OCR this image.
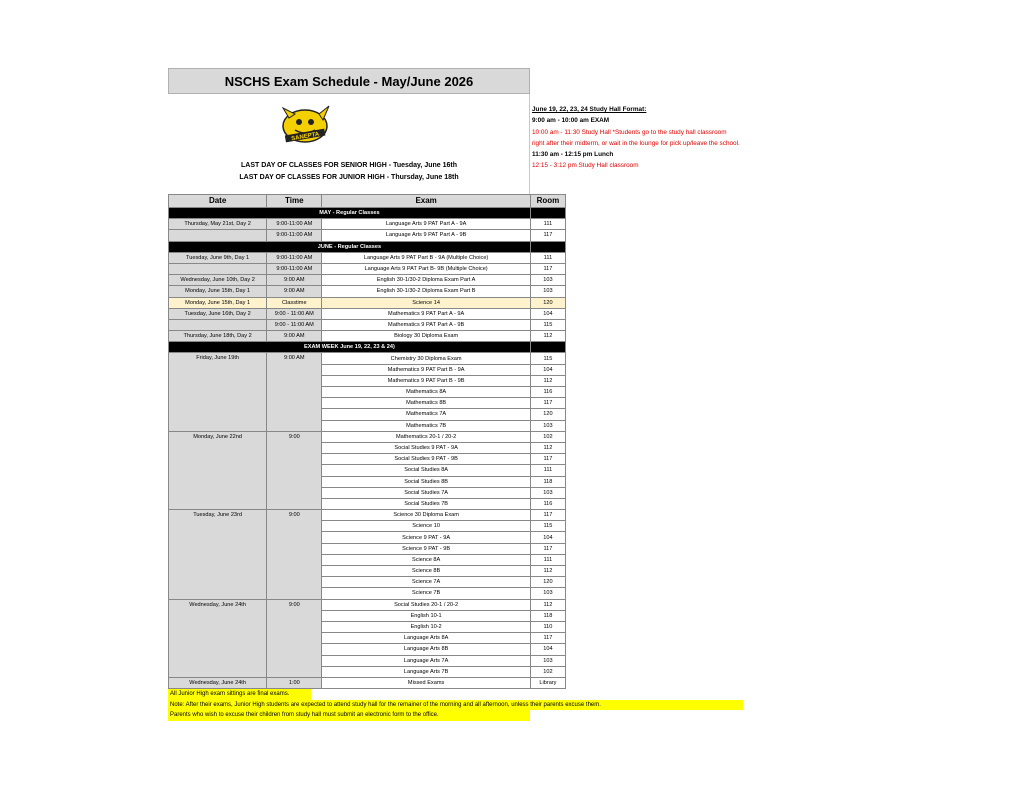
NSCHS Exam Schedule - May/June 2026
SANEPTA
LAST DAY OF CLASSES FOR SENIOR HIGH - Tuesday, June 16th
LAST DAY OF CLASSES FOR JUNIOR HIGH - Thursday, June 18th
Date	Time	Exam	Room
MAY - Regular Classes			
Thursday, May 21st, Day 2	9:00-11:00 AM	Language Arts 9 PAT Part A - 9A	111
	9:00-11:00 AM	Language Arts 9 PAT Part A - 9B	117
JUNE - Regular Classes			
Tuesday, June 9th, Day 1	9:00-11:00 AM	Language Arts 9 PAT Part B - 9A (Multiple Choice)	111
	9:00-11:00 AM	Language Arts 9 PAT Part B- 9B (Multiple Choice)	117
Wednesday, June 10th, Day 2	9:00 AM	English 30-1/30-2 Diploma Exam Part A	103
Monday, June 15th, Day 1	9:00 AM	English 30-1/30-2 Diploma Exam Part B	103
Monday, June 15th, Day 1	Classtime	Science 14	120
Tuesday, June 16th, Day 2	9:00 - 11:00 AM	Mathematics 9 PAT Part A - 9A	104
	9:00 - 11:00 AM	Mathematics 9 PAT Part A - 9B	115
Thursday, June 18th, Day 2	9:00 AM	Biology 30 Diploma Exam	112
EXAM WEEK June 19, 22, 23 & 24)			
Friday, June 19th	9:00 AM	Chemistry 30 Diploma Exam	115
		Mathematics 9 PAT Part B - 9A	104
		Mathematics 9 PAT Part B - 9B	112
		Mathematics 8A	116
		Mathematics 8B	117
		Mathematics 7A	120
		Mathematics 7B	103
Monday, June 22nd	9:00	Mathematics 20-1 / 20-2	102
		Social Studies 9 PAT - 9A	112
		Social Studies 9 PAT - 9B	117
		Social Studies 8A	111
		Social Studies 8B	118
		Social Studies 7A	103
		Social Studies 7B	116
Tuesday, June 23rd	9:00	Science 30 Diploma Exam	117
		Science 10	115
		Science 9 PAT - 9A	104
		Science 9 PAT - 9B	117
		Science 8A	111
		Science 8B	112
		Science 7A	120
		Science 7B	103
Wednesday, June 24th	9:00	Social Studies 20-1 / 20-2	112
		English 10-1	118
		English 10-2	110
		Language Arts 8A	117
		Language Arts 8B	104
		Language Arts 7A	103
		Language Arts 7B	102
Wednesday, June 24th	1:00	Missed Exams	Library
All Junior High exam sittings are final exams.
Note: After their exams, Junior High students are expected to attend study hall for the remainer of the morning and all afternoon, unless their parents excuse them.
Parents who wish to excuse their children from study hall must submit an electronic form to the office.
June 19, 22, 23, 24 Study Hall Format:
9:00 am - 10:00 am EXAM
10:00 am - 11:30 Study Hall *Students go to the study hall classroom
right after their midterm, or wait in the lounge for pick up/leave the school.
11:30 am - 12:15 pm Lunch
12:15 - 3:12 pm Study Hall classroom
